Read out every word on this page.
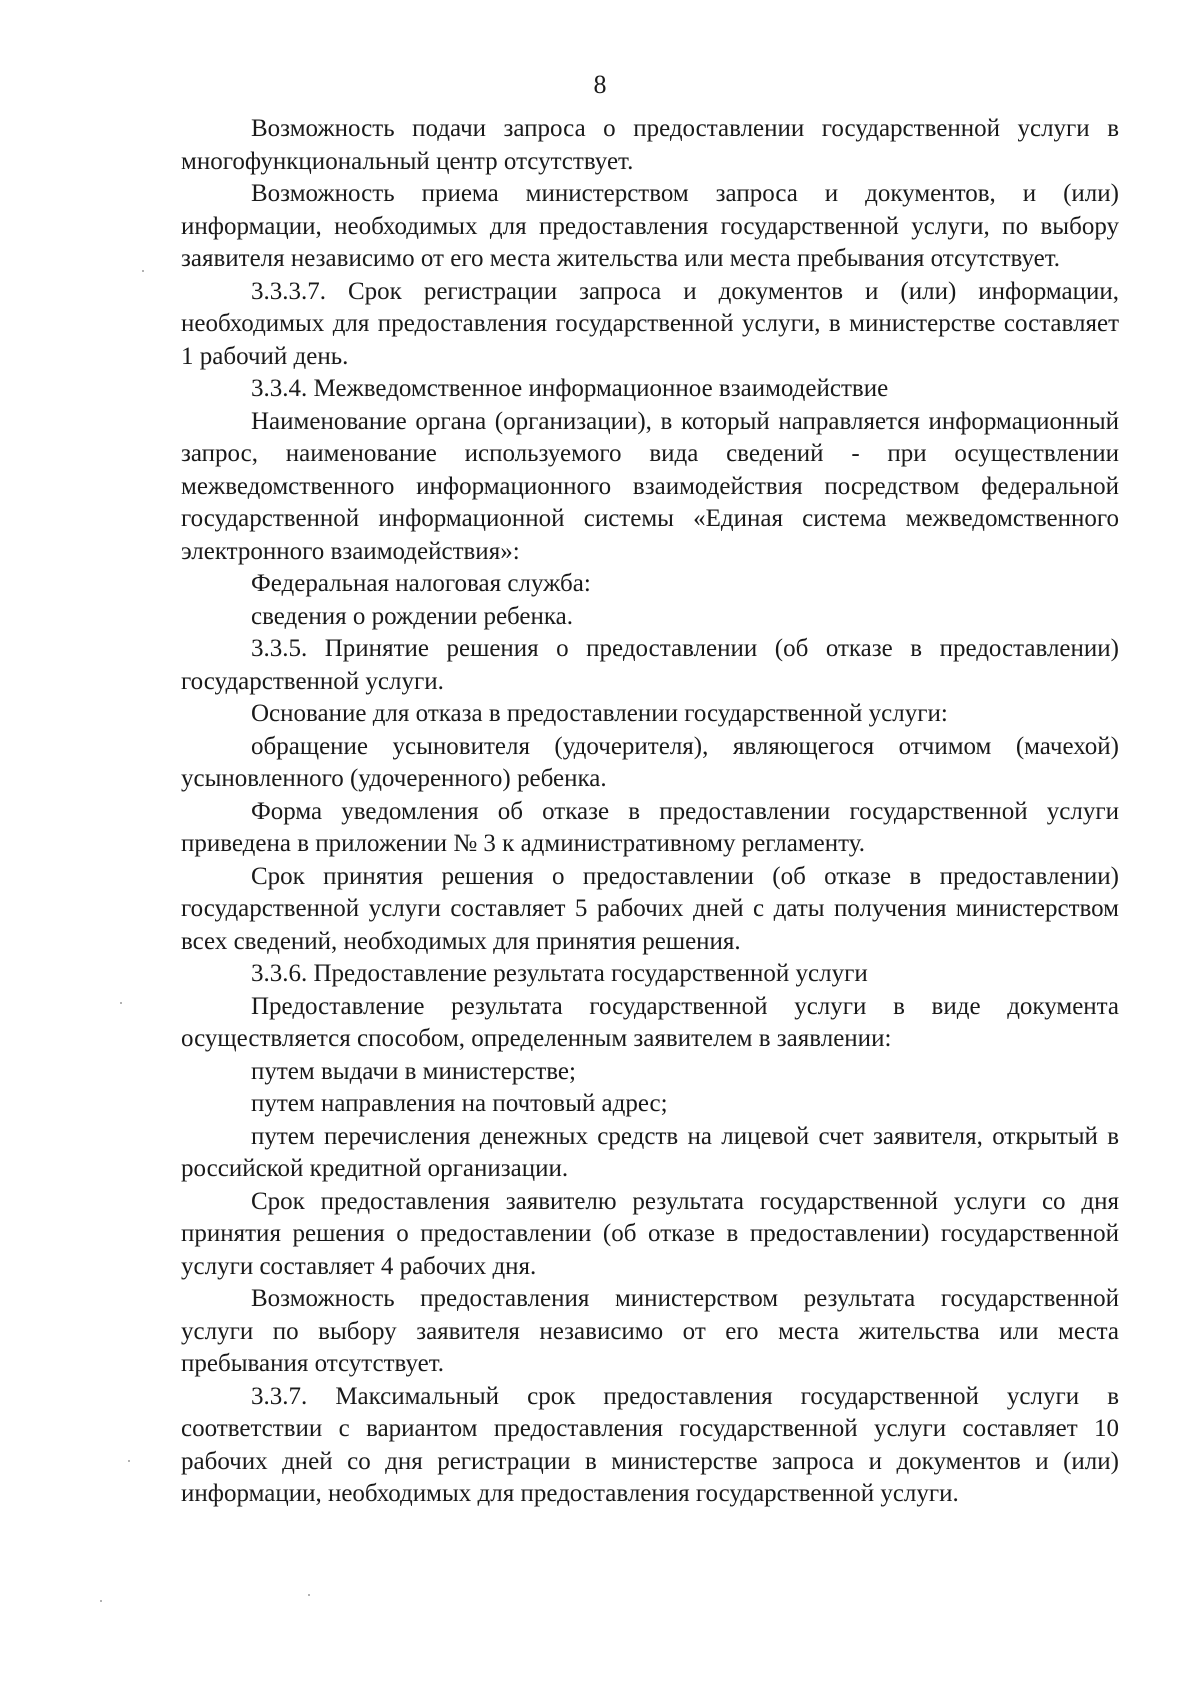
8

Возможность подачи запроса о предоставлении государственной услуги в многофункциональный центр отсутствует.

Возможность приема министерством запроса и документов, и (или) информации, необходимых для предоставления государственной услуги, по выбору заявителя независимо от его места жительства или места пребывания отсутствует.

3.3.3.7. Срок регистрации запроса и документов и (или) информации, необходимых для предоставления государственной услуги, в министерстве составляет 1 рабочий день.

3.3.4. Межведомственное информационное взаимодействие

Наименование органа (организации), в который направляется информационный запрос, наименование используемого вида сведений - при осуществлении межведомственного информационного взаимодействия посредством федеральной государственной информационной системы «Единая система межведомственного электронного взаимодействия»:

Федеральная налоговая служба:

сведения о рождении ребенка.

3.3.5. Принятие решения о предоставлении (об отказе в предоставлении) государственной услуги.

Основание для отказа в предоставлении государственной услуги:

обращение усыновителя (удочерителя), являющегося отчимом (мачехой) усыновленного (удочеренного) ребенка.

Форма уведомления об отказе в предоставлении государственной услуги приведена в приложении № 3 к административному регламенту.

Срок принятия решения о предоставлении (об отказе в предоставлении) государственной услуги составляет 5 рабочих дней с даты получения министерством всех сведений, необходимых для принятия решения.

3.3.6. Предоставление результата государственной услуги

Предоставление результата государственной услуги в виде документа осуществляется способом, определенным заявителем в заявлении:

путем выдачи в министерстве;

путем направления на почтовый адрес;

путем перечисления денежных средств на лицевой счет заявителя, открытый в российской кредитной организации.

Срок предоставления заявителю результата государственной услуги со дня принятия решения о предоставлении (об отказе в предоставлении) государственной услуги составляет 4 рабочих дня.

Возможность предоставления министерством результата государственной услуги по выбору заявителя независимо от его места жительства или места пребывания отсутствует.

3.3.7. Максимальный срок предоставления государственной услуги в соответствии с вариантом предоставления государственной услуги составляет 10 рабочих дней со дня регистрации в министерстве запроса и документов и (или) информации, необходимых для предоставления государственной услуги.
